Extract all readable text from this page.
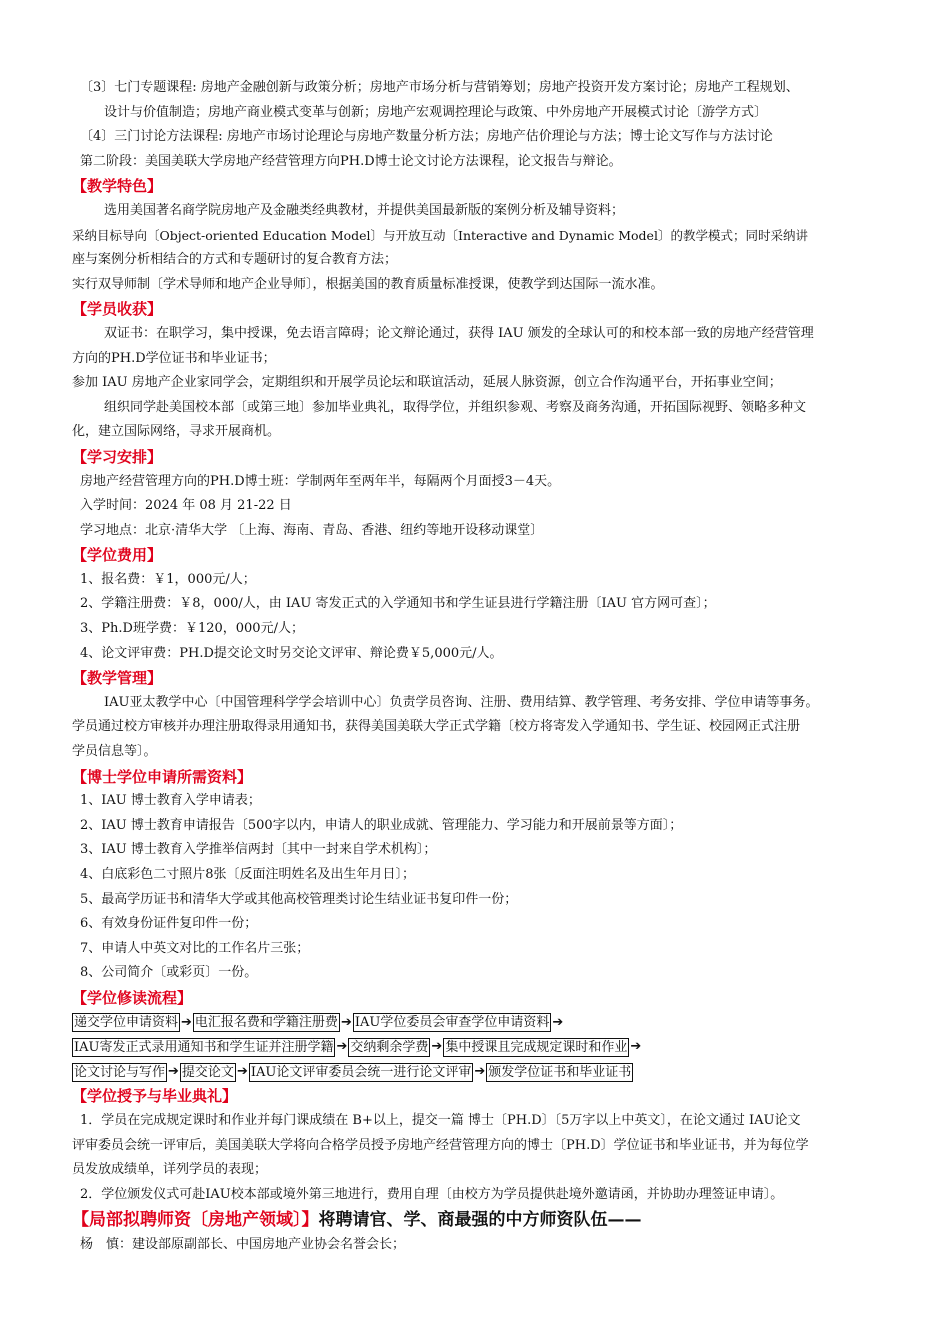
〔3〕七门专题课程: 房地产金融创新与政策分析；房地产市场分析与营销筹划；房地产投资开发方案讨论；房地产工程规划、
设计与价值制造；房地产商业模式变革与创新；房地产宏观调控理论与政策、中外房地产开展模式讨论〔游学方式〕
〔4〕三门讨论方法课程: 房地产市场讨论理论与房地产数量分析方法；房地产估价理论与方法；博士论文写作与方法讨论
第二阶段：美国美联大学房地产经营管理方向PH.D博士论文讨论方法课程，论文报告与辩论。
【教学特色】
选用美国著名商学院房地产及金融类经典教材，并提供美国最新版的案例分析及辅导资料；
采纳目标导向〔Object-oriented Education Model〕与开放互动〔Interactive and Dynamic Model〕的教学模式；同时采纳讲
座与案例分析相结合的方式和专题研讨的复合教育方法；
实行双导师制〔学术导师和地产企业导师〕，根据美国的教育质量标准授课，使教学到达国际一流水准。
【学员收获】
双证书：在职学习，集中授课，免去语言障碍；论文辩论通过，获得 IAU 颁发的全球认可的和校本部一致的房地产经营管理
方向的PH.D学位证书和毕业证书；
参加 IAU 房地产企业家同学会，定期组织和开展学员论坛和联谊活动，延展人脉资源，创立合作沟通平台，开拓事业空间；
组织同学赴美国校本部〔或第三地〕参加毕业典礼，取得学位，并组织参观、考察及商务沟通，开拓国际视野、领略多种文
化，建立国际网络，寻求开展商机。
【学习安排】
房地产经营管理方向的PH.D博士班：学制两年至两年半，每隔两个月面授3－4天。
入学时间：2024 年 08 月 21-22 日
学习地点：北京·清华大学 〔上海、海南、青岛、香港、纽约等地开设移动课堂〕
【学位费用】
1、报名费：￥1，000元/人；
2、学籍注册费：￥8，000/人，由 IAU 寄发正式的入学通知书和学生证县进行学籍注册〔IAU 官方网可查〕；
3、Ph.D班学费：￥120，000元/人；
4、论文评审费：PH.D提交论文时另交论文评审、辩论费￥5,000元/人。
【教学管理】
IAU亚太教学中心〔中国管理科学学会培训中心〕负责学员咨询、注册、费用结算、教学管理、考务安排、学位申请等事务。
学员通过校方审核并办理注册取得录用通知书，获得美国美联大学正式学籍〔校方将寄发入学通知书、学生证、校园网正式注册
学员信息等〕。
【博士学位申请所需资料】
1、IAU 博士教育入学申请表；
2、IAU 博士教育申请报告〔500字以内，申请人的职业成就、管理能力、学习能力和开展前景等方面〕；
3、IAU 博士教育入学推举信两封〔其中一封来自学术机构〕；
4、白底彩色二寸照片8张〔反面注明姓名及出生年月日〕；
5、最高学历证书和清华大学或其他高校管理类讨论生结业证书复印件一份；
6、有效身份证件复印件一份；
7、申请人中英文对比的工作名片三张；
8、公司简介〔或彩页〕一份。
【学位修读流程】
递交学位申请资料 ➔ 电汇报名费和学籍注册费 ➔ IAU学位委员会审查学位申请资料 ➔
IAU寄发正式录用通知书和学生证并注册学籍 ➔ 交纳剩余学费 ➔ 集中授课且完成规定课时和作业 ➔
论文讨论与写作 ➔ 提交论文 ➔ IAU论文评审委员会统一进行论文评审 ➔ 颁发学位证书和毕业证书
【学位授予与毕业典礼】
1．学员在完成规定课时和作业并每门课成绩在 B+以上，提交一篇 博士〔PH.D〕〔5万字以上中英文〕，在论文通过 IAU论文
评审委员会统一评审后，美国美联大学将向合格学员授予房地产经营管理方向的博士〔PH.D〕学位证书和毕业证书，并为每位学
员发放成绩单，详列学员的表现；
2．学位颁发仪式可赴IAU校本部或境外第三地进行，费用自理〔由校方为学员提供赴境外邀请函，并协助办理签证申请〕。
【局部拟聘师资〔房地产领域〕】将聘请官、学、商最强的中方师资队伍——
杨　慎：建设部原副部长、中国房地产业协会名誉会长；
